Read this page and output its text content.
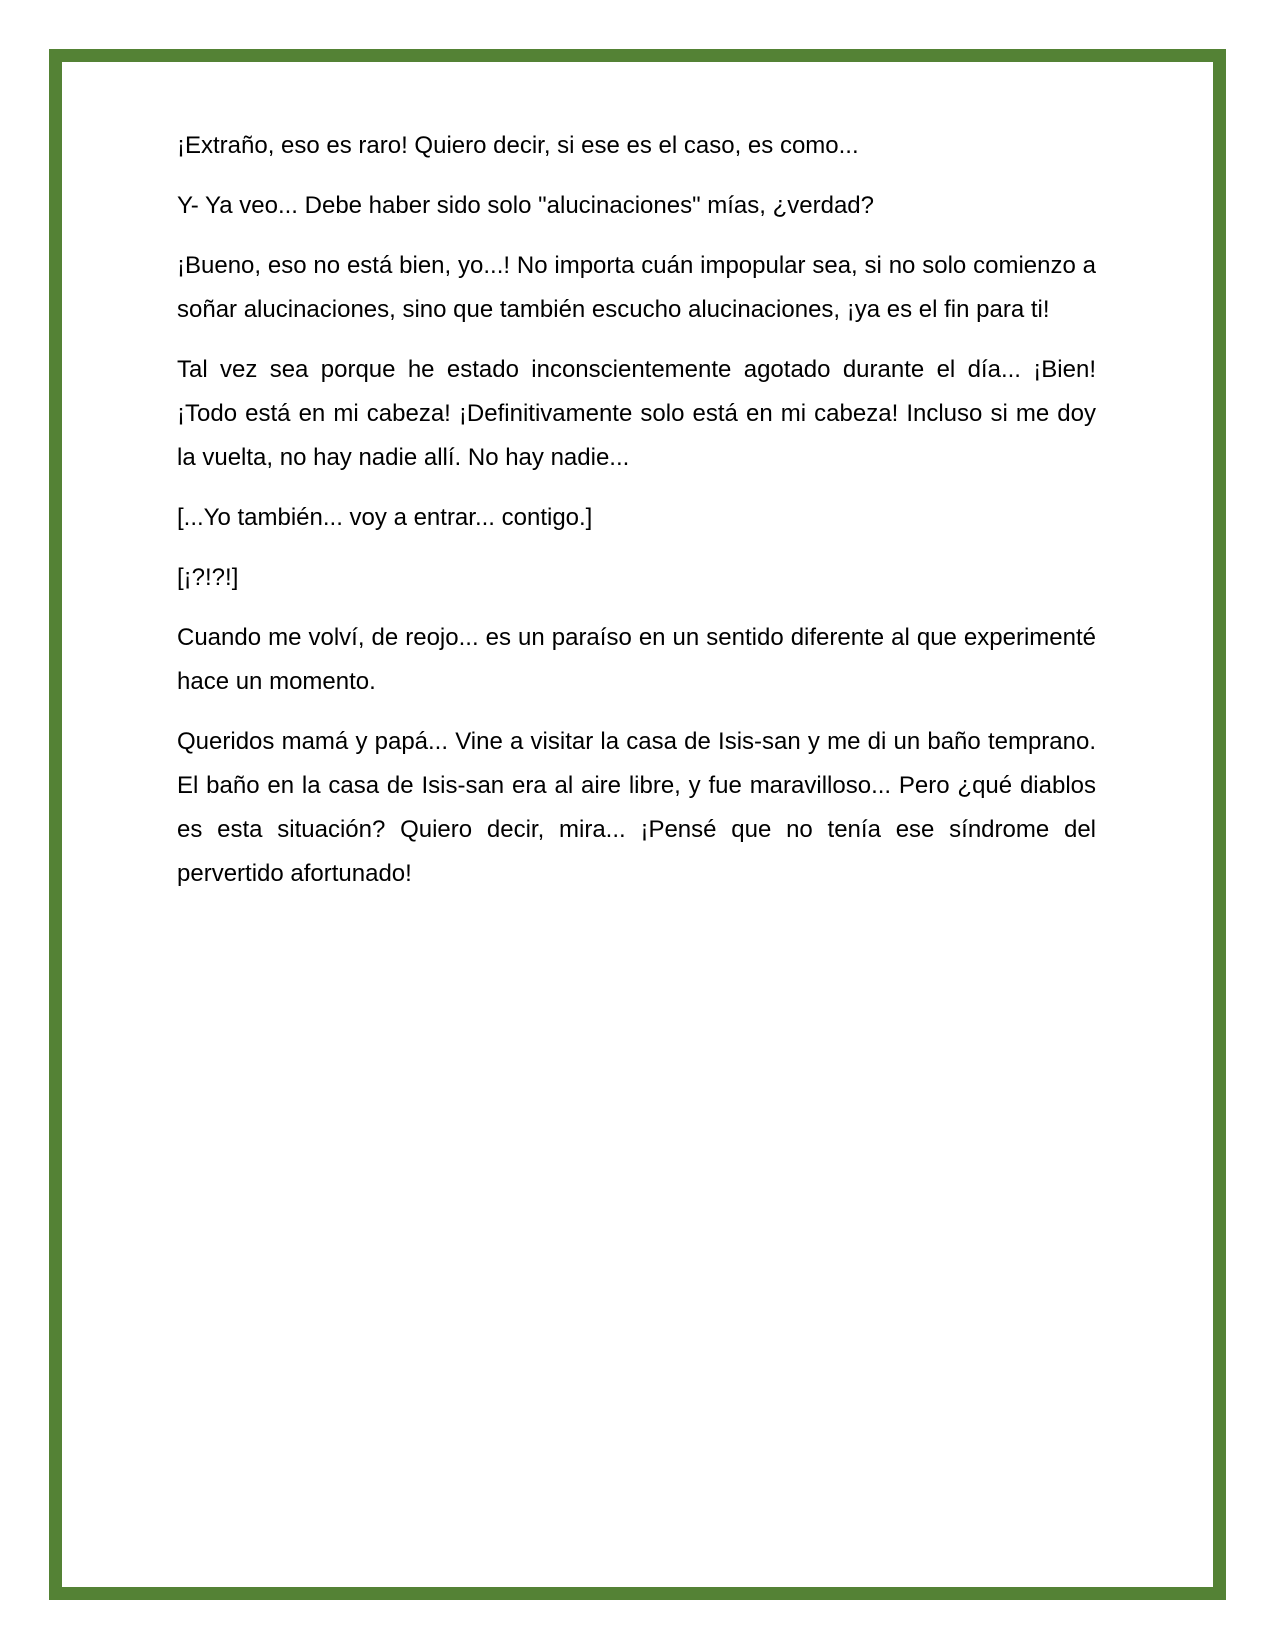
¡Extraño, eso es raro! Quiero decir, si ese es el caso, es como...

Y- Ya veo... Debe haber sido solo "alucinaciones" mías, ¿verdad?

¡Bueno, eso no está bien, yo...! No importa cuán impopular sea, si no solo comienzo a soñar alucinaciones, sino que también escucho alucinaciones, ¡ya es el fin para ti!

Tal vez sea porque he estado inconscientemente agotado durante el día... ¡Bien! ¡Todo está en mi cabeza! ¡Definitivamente solo está en mi cabeza! Incluso si me doy la vuelta, no hay nadie allí. No hay nadie...

[...Yo también... voy a entrar... contigo.]

[¡?!?!]

Cuando me volví, de reojo... es un paraíso en un sentido diferente al que experimenté hace un momento.

Queridos mamá y papá... Vine a visitar la casa de Isis-san y me di un baño temprano. El baño en la casa de Isis-san era al aire libre, y fue maravilloso... Pero ¿qué diablos es esta situación? Quiero decir, mira... ¡Pensé que no tenía ese síndrome del pervertido afortunado!
